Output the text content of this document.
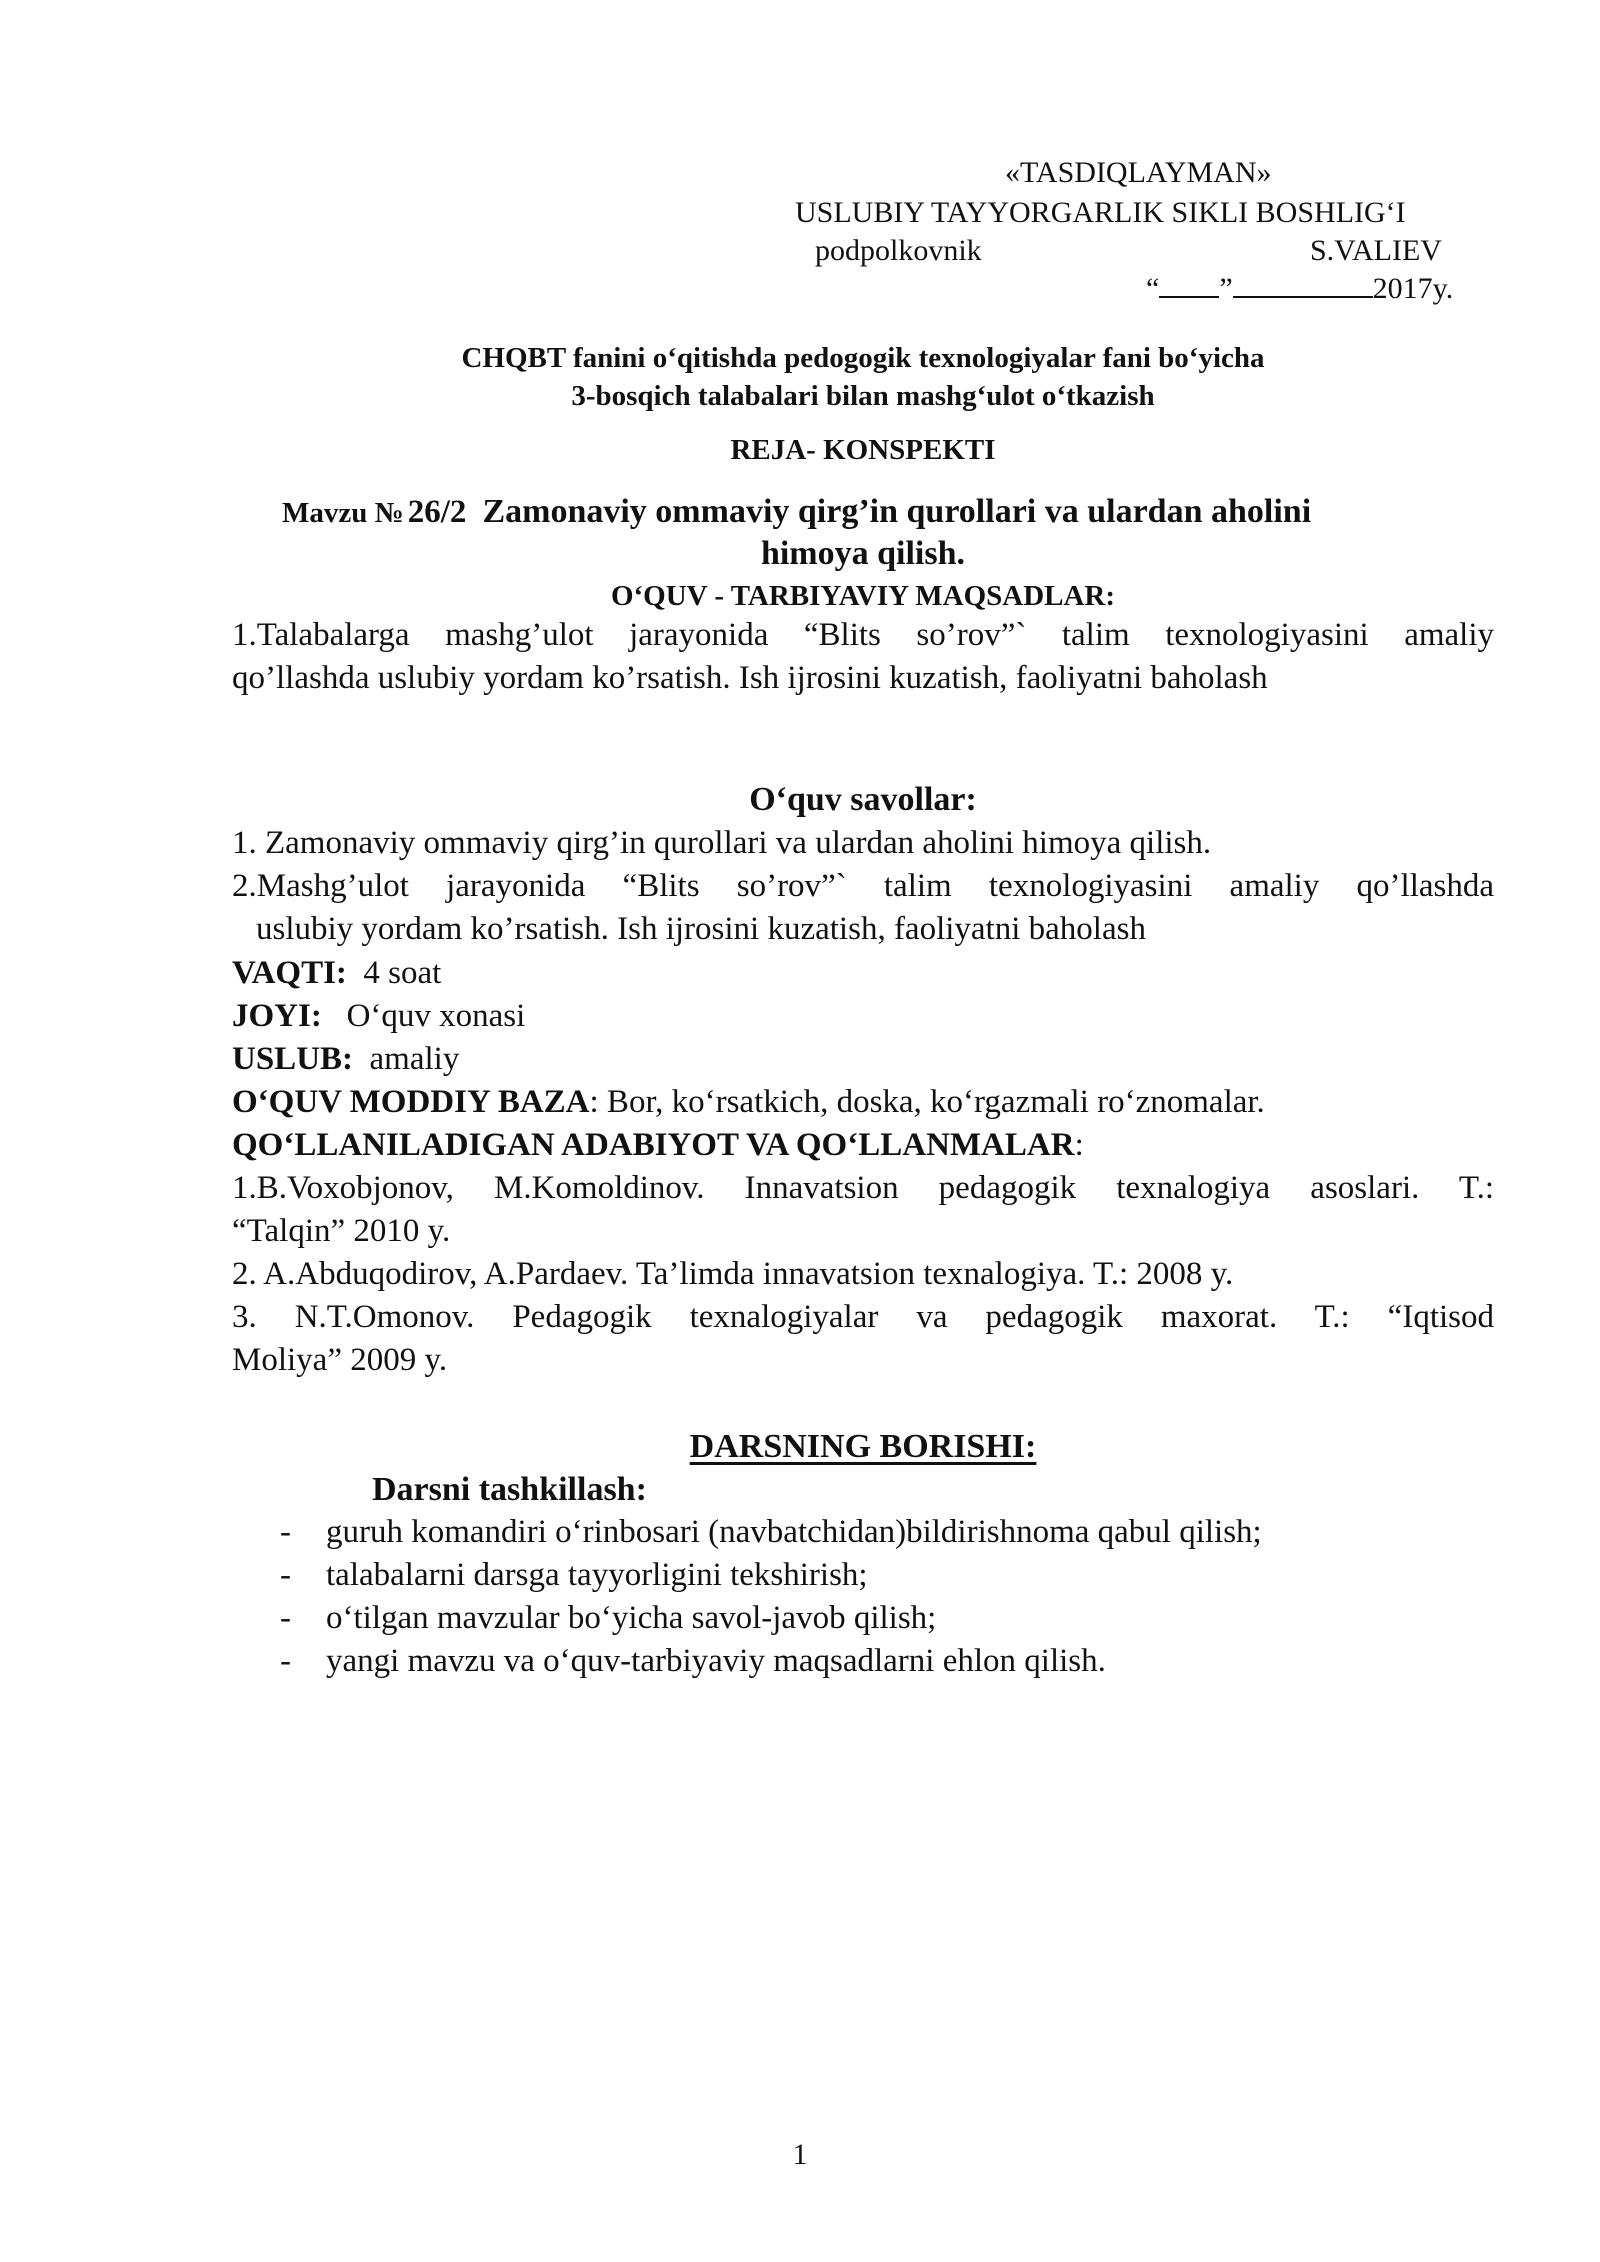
«TASDIQLAYMAN»
USLUBIY TAYYORGARLIK SIKLI BOSHLIG‘I
podpolkovnik	S.VALIEV
“ ”	2017y.
CHQBT fanini o‘qitishda pedogogik texnologiyalar fani bo‘yicha
3-bosqich talabalari bilan mashg‘ulot o‘tkazish
REJA- KONSPEKTI
Mavzu № 26/2 Zamonaviy ommaviy qirg’in qurollari va ulardan aholini
himoya qilish.
O‘QUV - TARBIYAVIY MAQSADLAR:
1.Talabalarga mashg’ulot jarayonida “Blits so’rov”` talim texnologiyasini amaliy
qo’llashda uslubiy yordam ko’rsatish. Ish ijrosini kuzatish, faoliyatni baholash
O‘quv savollar:
1. Zamonaviy ommaviy qirg’in qurollari va ulardan aholini himoya qilish.
2.Mashg’ulot jarayonida “Blits so’rov”` talim texnologiyasini amaliy qo’llashda
uslubiy yordam ko’rsatish. Ish ijrosini kuzatish, faoliyatni baholash
VAQTI: 4 soat
JOYI: O‘quv xonasi
USLUB: amaliy
O‘QUV MODDIY BAZA: Bor, ko‘rsatkich, doska, ko‘rgazmali ro‘znomalar.
QO‘LLANILADIGAN ADABIYOT VA QO‘LLANMALAR:
1.B.Voxobjonov, M.Komoldinov. Innavatsion pedagogik texnalogiya asoslari. T.:
“Talqin” 2010 y.
2. A.Abduqodirov, A.Pardaev. Ta’limda innavatsion texnalogiya. T.: 2008 y.
3. N.T.Omonov. Pedagogik texnalogiyalar va pedagogik maxorat. T.: “Iqtisod
Moliya” 2009 y.
DARSNING BORISHI:
Darsni tashkillash:
- guruh komandiri o‘rinbosari (navbatchidan)bildirishnoma qabul qilish;
- talabalarni darsga tayyorligini tekshirish;
- o‘tilgan mavzular bo‘yicha savol-javob qilish;
- yangi mavzu va o‘quv-tarbiyaviy maqsadlarni ehlon qilish.
1
